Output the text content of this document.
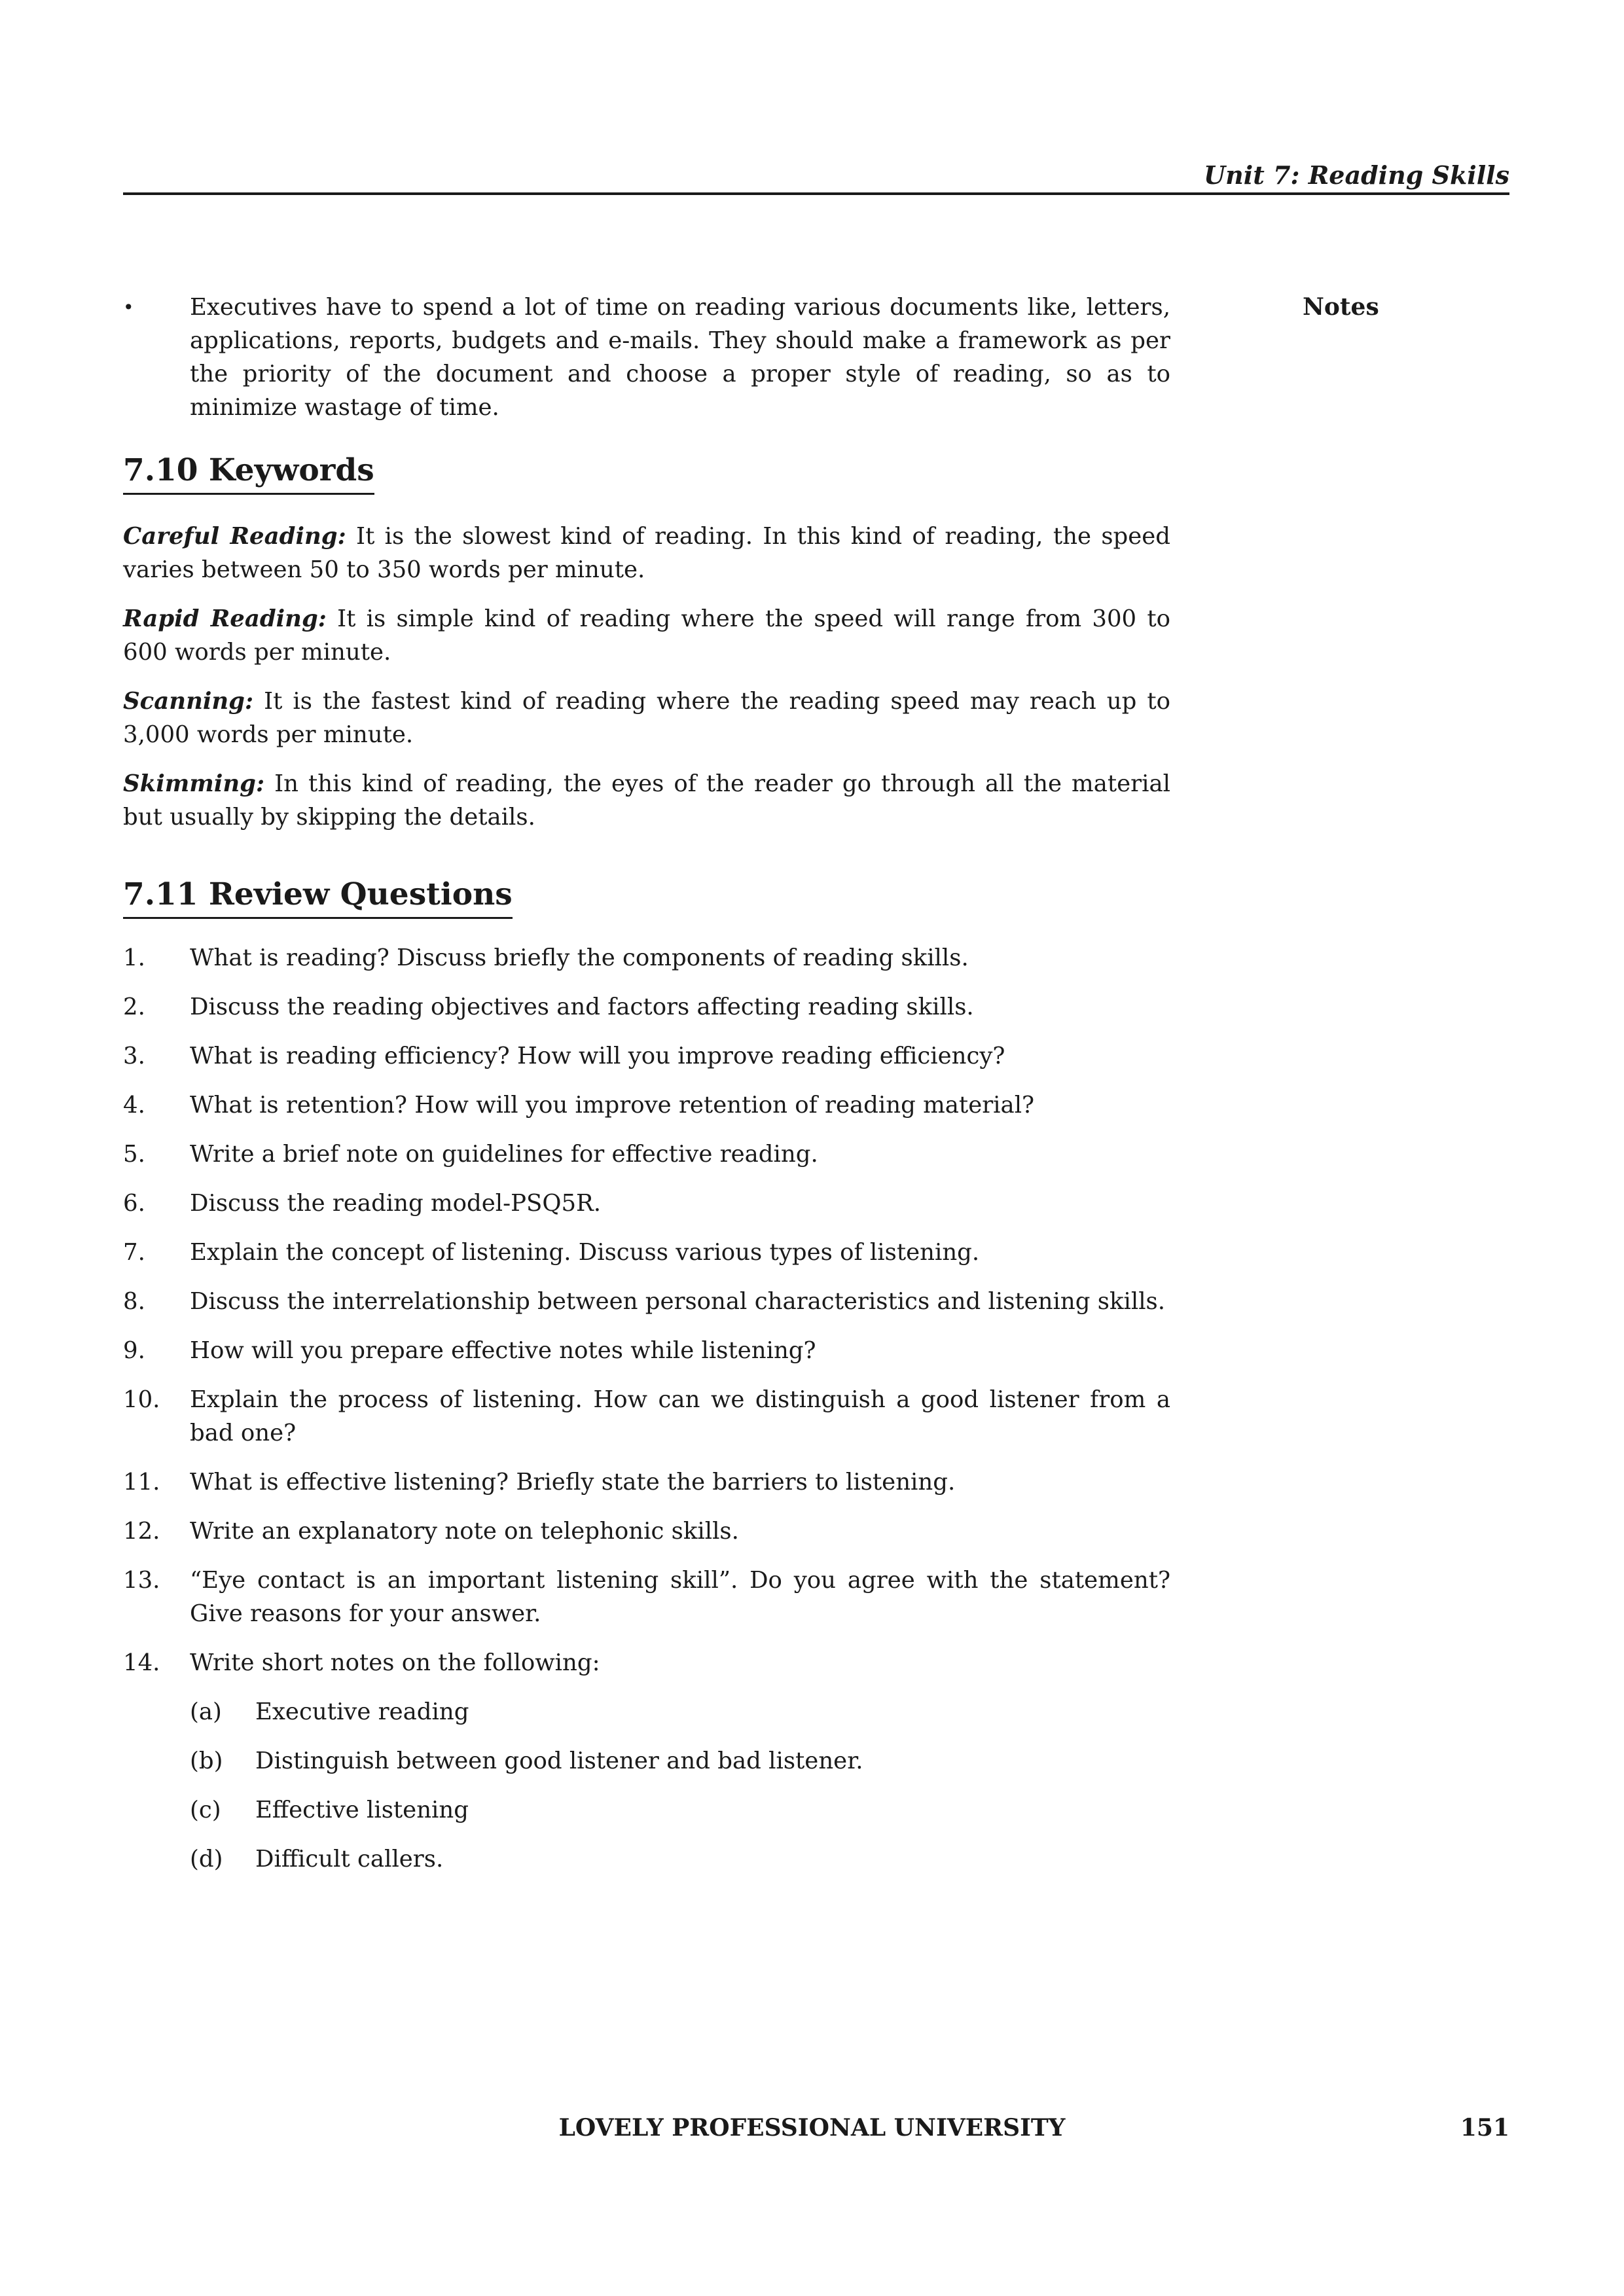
Unit 7: Reading Skills
Notes
•	Executives have to spend a lot of time on reading various documents like, letters, applications, reports, budgets and e-mails. They should make a framework as per the priority of the document and choose a proper style of reading, so as to minimize wastage of time.
7.10 Keywords

Careful Reading: It is the slowest kind of reading. In this kind of reading, the speed varies between 50 to 350 words per minute.

Rapid Reading: It is simple kind of reading where the speed will range from 300 to 600 words per minute.

Scanning: It is the fastest kind of reading where the reading speed may reach up to 3,000 words per minute.

Skimming: In this kind of reading, the eyes of the reader go through all the material but usually by skipping the details.

7.11 Review Questions
1.	What is reading? Discuss briefly the components of reading skills.
2.	Discuss the reading objectives and factors affecting reading skills.
3.	What is reading efficiency? How will you improve reading efficiency?
4.	What is retention? How will you improve retention of reading material?
5.	Write a brief note on guidelines for effective reading.
6.	Discuss the reading model-PSQ5R.
7.	Explain the concept of listening. Discuss various types of listening.
8.	Discuss the interrelationship between personal characteristics and listening skills.
9.	How will you prepare effective notes while listening?
10.	Explain the process of listening. How can we distinguish a good listener from a bad one?
11.	What is effective listening? Briefly state the barriers to listening.
12.	Write an explanatory note on telephonic skills.
13.	“Eye contact is an important listening skill”. Do you agree with the statement? Give reasons for your answer.
14.	Write short notes on the following:
(a)	Executive reading
(b)	Distinguish between good listener and bad listener.
(c)	Effective listening
(d)	Difficult callers.
LOVELY PROFESSIONAL UNIVERSITY	151
